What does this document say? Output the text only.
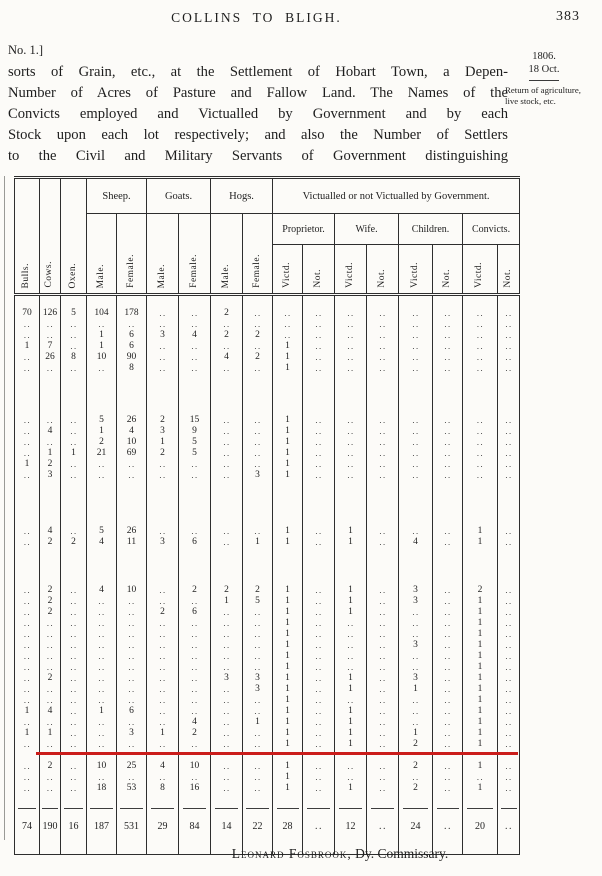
COLLINS  TO  BLIGH.	383
No. 1.]	1806.
18 Oct.
Return of agriculture, live stock, etc.
sorts of Grain, etc., at the Settlement of Hobart Town, a Depen-
Number of Acres of Pasture and Fallow Land. The Names of the
Convicts employed and Victualled by Government and by each
Stock upon each lot respectively; and also the Number of Settlers
to the Civil and Military Servants of Government distinguishing
Bulls.	Cows.	Oxen.	Sheep.		Goats.		Hogs.		Victualled or not Victualled by Government.							
			Male.	Female.	Male.	Female.	Male.	Female.	Proprietor.		Wife.		Children.		Convicts.	
									Victd.	Not.	Victd.	Not.	Victd.	Not.	Victd.	Not.

70	126	5	104	178	..	..	2	..	..	..	..	..	..	..	..	..
..	..	..	..	..	..	..	..	..	..	..	..	..	..	..	..	..
..	..	..	1	6	3	4	2	2	..	..	..	..	..	..	..	..
1	7	..	1	6	..	..	..	..	1	..	..	..	..	..	..	..
..	26	8	10	90	..	..	4	2	1	..	..	..	..	..	..	..
..	..	..	..	8	..	..	..	..	1	..	..	..	..	..	..	..

..	..	..	5	26	2	15	..	..	1	..	..	..	..	..	..	..
..	4	..	1	4	3	9	..	..	1	..	..	..	..	..	..	..
..	..	..	2	10	1	5	..	..	1	..	..	..	..	..	..	..
..	1	1	21	69	2	5	..	..	1	..	..	..	..	..	..	..
1	2	..	..	..	..	..	..	..	1	..	..	..	..	..	..	..
..	3	..	..	..	..	..	..	3	1	..	..	..	..	..	..	..

..	4	..	5	26	..	..	..	..	1	..	1	..	..	..	1	..
..	2	2	4	11	3	6	..	1	1	..	1	..	4	..	1	..

..	2	..	4	10	..	2	2	2	1	..	1	..	3	..	2	..
..	2	..	..	..	..	..	1	5	1	..	1	..	3	..	1	..
..	2	..	..	..	2	6	..	..	1	..	1	..	..	..	1	..
..	..	..	..	..	..	..	..	..	1	..	..	..	..	..	1	..
..	..	..	..	..	..	..	..	..	1	..	..	..	..	..	1	..
..	..	..	..	..	..	..	..	..	1	..	..	..	3	..	1	..
..	..	..	..	..	..	..	..	..	1	..	..	..	..	..	1	..
..	..	..	..	..	..	..	..	..	1	..	..	..	..	..	1	..
..	2	..	..	..	..	..	3	3	1	..	1	..	3	..	1	..
..	..	..	..	..	..	..	..	3	1	..	1	..	1	..	1	..
..	..	..	..	..	..	..	..	..	1	..	..	..	..	..	1	..
1	4	..	1	6	..	..	..	..	1	..	1	..	..	..	1	..
..	..	..	..	..	..	4	..	1	1	..	1	..	..	..	1	..
1	1	..	..	3	1	2	..	..	1	..	1	..	1	..	1	..
..	..	..	..	..	..	..	..	..	1	..	1	..	2	..	1	..

..	2	..	10	25	4	10	..	..	1	..	..	..	2	..	1	..
..	..	..	..	..	..	..	..	..	1	..	..	..	..	..	..	..
..	..	..	18	53	8	16	..	..	1	..	1	..	2	..	1	..

74	190	16	187	531	29	84	14	22	28	..	12	..	24	..	20	..

Leonard Fosbrook, Dy. Commissary.
